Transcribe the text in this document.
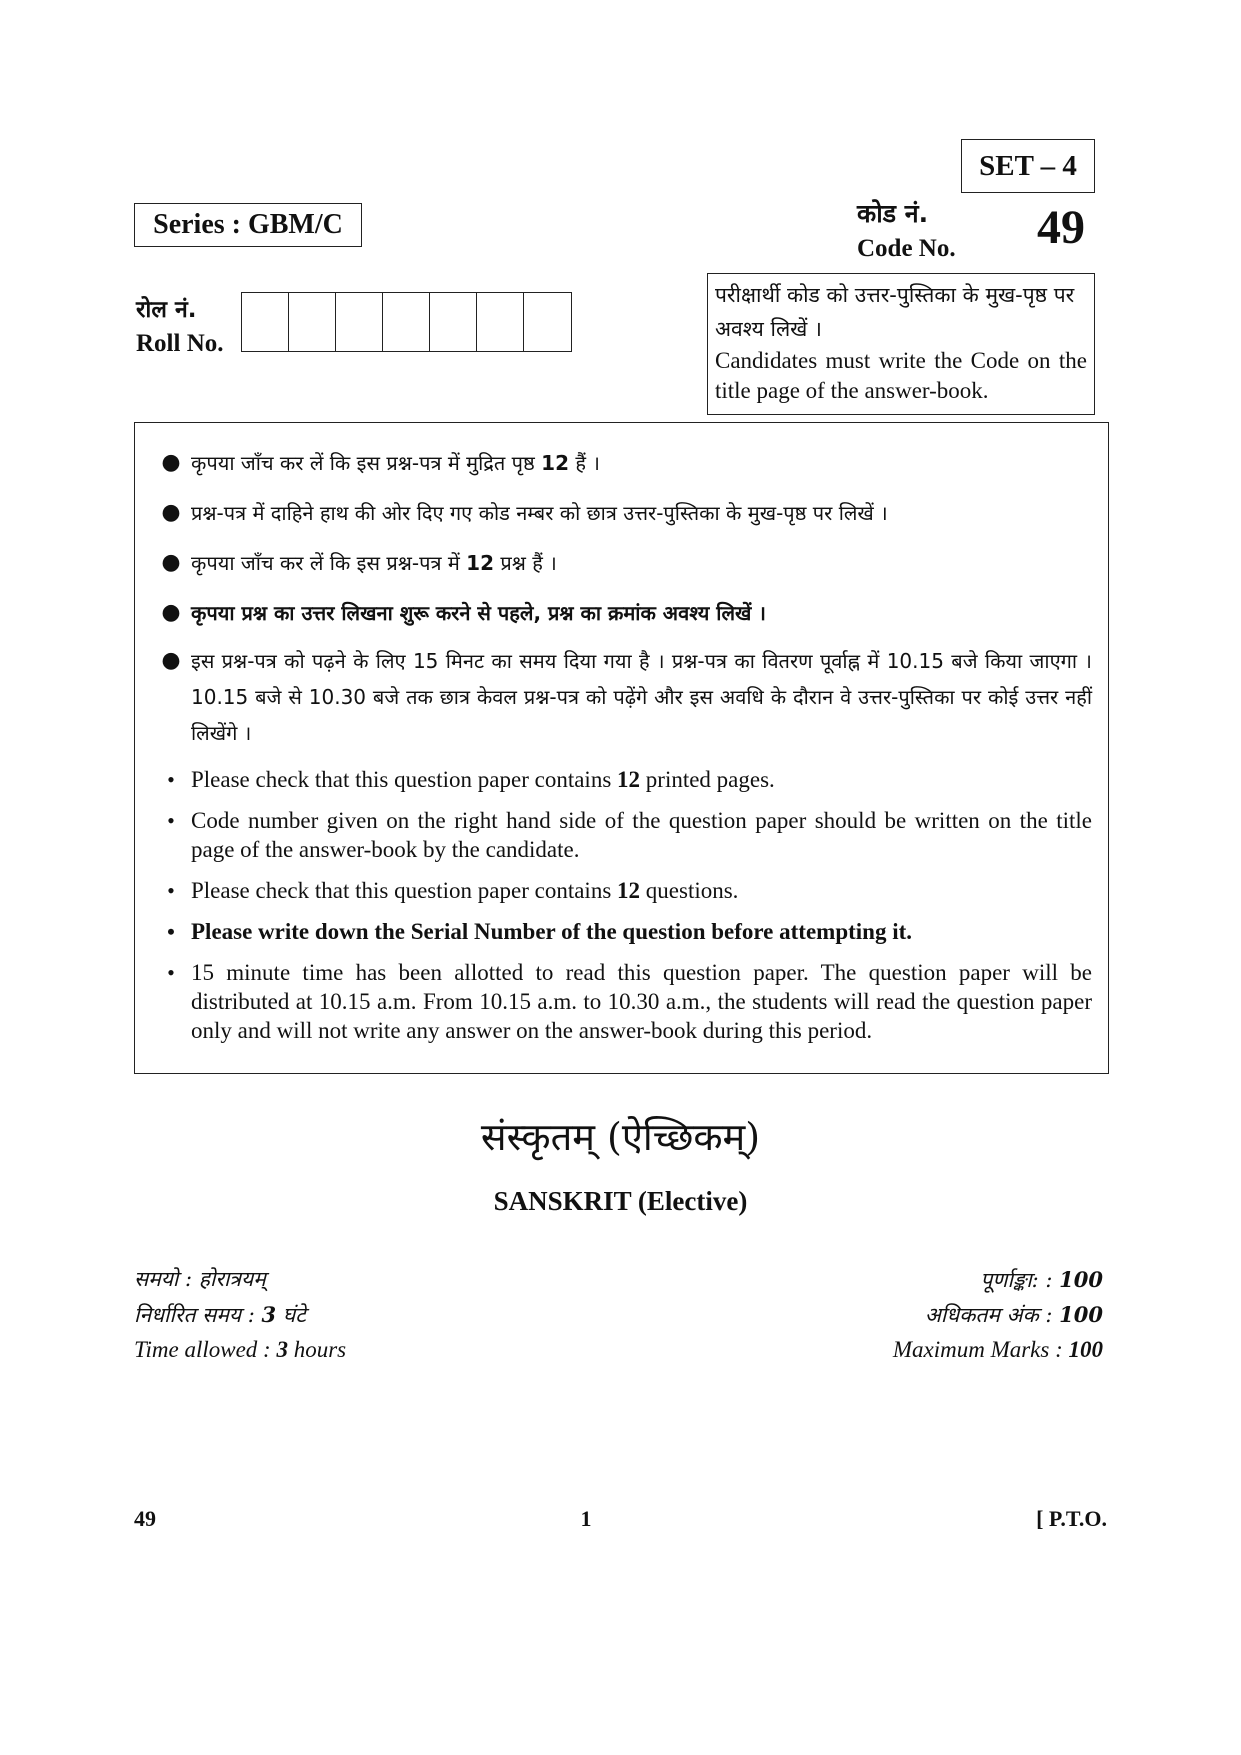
SET – 4
Series : GBM/C	कोड नं.
Code No. 49
रोल नं.
Roll No.
परीक्षार्थी कोड को उत्तर-पुस्तिका के मुख-पृष्ठ पर अवश्य लिखें ।
Candidates must write the Code on the title page of the answer-book.
● कृपया जाँच कर लें कि इस प्रश्न-पत्र में मुद्रित पृष्ठ 12 हैं ।
● प्रश्न-पत्र में दाहिने हाथ की ओर दिए गए कोड नम्बर को छात्र उत्तर-पुस्तिका के मुख-पृष्ठ पर लिखें ।
● कृपया जाँच कर लें कि इस प्रश्न-पत्र में 12 प्रश्न हैं ।
● कृपया प्रश्न का उत्तर लिखना शुरू करने से पहले, प्रश्न का क्रमांक अवश्य लिखें ।
● इस प्रश्न-पत्र को पढ़ने के लिए 15 मिनट का समय दिया गया है । प्रश्न-पत्र का वितरण पूर्वाह्न में 10.15 बजे किया जाएगा । 10.15 बजे से 10.30 बजे तक छात्र केवल प्रश्न-पत्र को पढ़ेंगे और इस अवधि के दौरान वे उत्तर-पुस्तिका पर कोई उत्तर नहीं लिखेंगे ।
• Please check that this question paper contains 12 printed pages.
• Code number given on the right hand side of the question paper should be written on the title page of the answer-book by the candidate.
• Please check that this question paper contains 12 questions.
• Please write down the Serial Number of the question before attempting it.
• 15 minute time has been allotted to read this question paper. The question paper will be distributed at 10.15 a.m. From 10.15 a.m. to 10.30 a.m., the students will read the question paper only and will not write any answer on the answer-book during this period.
संस्कृतम् (ऐच्छिकम्)
SANSKRIT (Elective)
समयो : होरात्रयम्
निर्धारित समय : 3 घंटे
Time allowed : 3 hours
पूर्णाङ्का: : 100
अधिकतम अंक : 100
Maximum Marks : 100
49	1	[ P.T.O.
